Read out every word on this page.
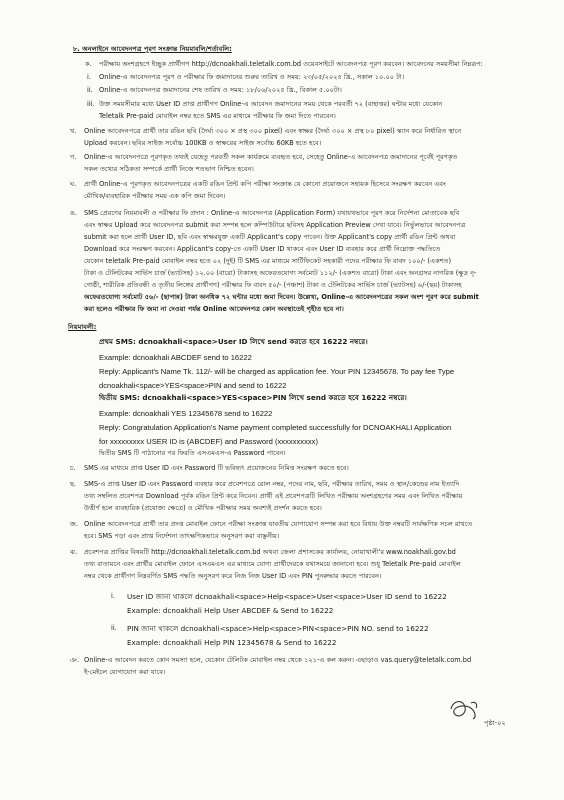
৮. অনলাইনে আবেদনপত্র পূরণ সংক্রান্ত নিয়মাবলি/শর্তাবলি:
ক. পরীক্ষায় অংশগ্রহণে ইচ্ছুক প্রার্থীগণ http://dcnoakhali.teletalk.com.bd ওয়েবসাইটে আবেদনপত্র পূরণ করবেন। আবেদনের সময়সীমা নিম্নরূপ:
i. Online-এ আবেদনপত্র পূরণ ও পরীক্ষার ফি জমাদানের শুরুর তারিখ ও সময়: ২৩/০৫/২০২৫ খ্রি., সকাল ১০.০০ টা।
ii. Online-এ আবেদনপত্র জমাদানের শেষ তারিখ ও সময়: ১৮/০৬/২০২৫ খ্রি., বিকাল ৫.০০টা।
iii. উক্ত সময়সীমার মধ্যে User ID প্রাপ্ত প্রার্থীগণ Online-এ আবেদন জমাদানের সময় থেকে পরবর্তী ৭২ (বাহাত্তর) ঘন্টার মধ্যে যেকোন
Teletalk Pre-paid মোবাইল নম্বর হতে SMS এর মাধ্যমে পরীক্ষার ফি জমা দিতে পারবেন।
খ. Online আবেদনপত্রে প্রার্থী তার রঙিন ছবি (দৈর্ঘ্য ৩০০ × প্রস্থ ৩০০ pixel) এবং স্বাক্ষর (দৈর্ঘ্য ৩০০ × প্রস্থ ৮০ pixel) স্ক্যান করে নির্ধারিত স্থানে
Upload করবেন। ছবির সাইজ সর্বোচ্চ 100KB ও স্বাক্ষরের সাইজ সর্বোচ্চ 60KB হতে হবে।
গ. Online-এ আবেদনপত্রে পূরণকৃত তথ্যই যেহেতু পরবর্তী সকল কার্যক্রমে ব্যবহৃত হবে, সেহেতু Online-এ আবেদনপত্র জমাদানের পূর্বেই পূরণকৃত
সকল তথ্যের সঠিকতা সম্পর্কে প্রার্থী নিজে শতভাগ নিশ্চিত হবেন।
ঘ. প্রার্থী Online-এ পূরণকৃত আবেদনপত্রের একটি রঙিন প্রিন্ট কপি পরীক্ষা সংক্রান্ত যে কোনো প্রয়োজনে সহায়ক হিসেবে সংরক্ষণ করবেন এবং
মৌখিক/ব্যবহারিক পরীক্ষার সময় এক কপি জমা দিবেন।
ঙ. SMS প্রেরণের নিয়মাবলী ও পরীক্ষার ফি প্রদান : Online-এ আবেদনপত্র (Application Form) যথাযথভাবে পূরণ করে নির্দেশনা মোতাবেক ছবি
এবং স্বাক্ষর Upload করে আবেদনপত্র submit করা সম্পন্ন হলে কম্পিউটারে ছবিসহ Application Preview দেখা যাবে। নির্ভুলভাবে আবেদনপত্র
submit করা হলে প্রার্থী User ID, ছবি এবং স্বাক্ষরযুক্ত একটি Applicant's copy পাবেন। উক্ত Applicant's copy প্রার্থী রঙিন প্রিন্ট অথবা
Download করে সংরক্ষণ করবেন। Applicant's copy-তে একটি User ID থাকবে এবং User ID ব্যবহার করে প্রার্থী নিম্নোক্ত পদ্ধতিতে
যেকোন teletalk Pre-paid মোবাইল নম্বর হতে ০২ (দুই) টি SMS এর মাধ্যমে সার্টিফিকেট সহকারী পদের পরীক্ষার ফি বাবদ ১০০/- (একশত)
টাকা ও টেলিটকের সার্ভিস চার্জ (ভ্যাটসহ) ১২.০০ (বারো) টাকাসহ অফেরতযোগ্য সর্বমোট ১১২/- (একশত বারো) টাকা এবং অনগ্রসর নাগরিক (ক্ষুদ্র নৃ-
গোষ্ঠী, শারীরিক প্রতিবন্ধী ও তৃতীয় লিঙ্গের প্রার্থীগণ) পরীক্ষার ফি বাবদ ৫০/- (পঞ্চাশ) টাকা ও টেলিটকের সার্ভিস চার্জ (ভ্যাটসহ) ৬/-(ছয়) টাকাসহ
অফেরতযোগ্য সর্বমোট ৫৬/- (ছাপান্ন) টাকা অনধিক ৭২ ঘন্টার মধ্যে জমা দিবেন। উল্লেখ্য, Online-এ আবেদনপত্রের সকল অংশ পূরণ করে submit
করা হলেও পরীক্ষার ফি জমা না দেওয়া পর্যন্ত Online আবেদনপত্র কোন অবস্থাতেই গৃহীত হবে না।
নিয়মাবলী:
প্রথম SMS: dcnoakhali<space>User ID লিখে send করতে হবে 16222 নম্বরে।
Example: dcnoakhali ABCDEF send to 16222
Reply: Applicant's Name Tk. 112/- will be charged as application fee. Your PIN 12345678. To pay fee Type
dcnoakhali<space>YES<space>PIN and send to 16222
দ্বিতীয় SMS: dcnoakhali<space>YES<space>PIN লিখে send করতে হবে 16222 নম্বরে।
Example: dcnoakhali YES 12345678 send to 16222
Reply: Congratulation Application's Name payment completed successfully for DCNOAKHALI Application
for xxxxxxxxx USER ID is (ABCDEF) and Password (xxxxxxxxxx)
দ্বিতীয় SMS টি পাঠানোর পর ফিরতি এসএমএস-এ Password পাবেন।
চ. SMS এর মাধ্যমে প্রাপ্ত User ID এবং Password টি ভবিষ্যৎ প্রয়োজনের নিমিত্ত সংরক্ষণ করতে হবে।
ছ. SMS-এ প্রাপ্ত User ID এবং Password ব্যবহার করে প্রবেশপত্রে রোল নম্বর, পদের নাম, ছবি, পরীক্ষার তারিখ, সময় ও স্থান/কেন্দ্রের নাম ইত্যাদি
তথ্য সম্বলিত প্রবেশপত্র Download পূর্বক রঙিন প্রিন্ট করে নিবেন। প্রার্থী এই প্রবেশপত্রটি লিখিত পরীক্ষায় অংশগ্রহণের সময় এবং লিখিত পরীক্ষায়
উত্তীর্ণ হলে ব্যবহারিক (প্রযোজ্য ক্ষেত্রে) ও মৌখিক পরীক্ষার সময় অবশ্যই প্রদর্শন করতে হবে।
জ. Online আবেদনপত্রে প্রার্থী তার প্রদত্ত মোবাইল ফোনে পরীক্ষা সংক্রান্ত যাবতীয় যোগাযোগ সম্পন্ন করা হবে বিধায় উক্ত নম্বরটি সার্বক্ষণিক সচল রাখতে
হবে। SMS পড়া এবং প্রাপ্ত নির্দেশনা তাৎক্ষণিকভাবে অনুসরণ করা বাঞ্ছনীয়।
ঝ. প্রবেশপত্র প্রাপ্তির বিষয়টি http://dcnoakhali.teletalk.com.bd অথবা জেলা প্রশাসকের কার্যালয়, নোয়াখালী'র www.noakhali.gov.bd
তথ্য বাতায়নে এবং প্রার্থীর মোবাইল ফোনে এসএমএস এর মাধ্যমে যোগ্য প্রার্থীদেরকে যথাসময়ে জানানো হবে। শুধু Teletalk Pre-paid মোবাইল
নম্বর থেকে প্রার্থীগণ নিম্নবর্ণিত SMS পদ্ধতি অনুসরণ করে নিজ নিজ User ID এবং PIN পুনরুদ্ধার করতে পারবেন।
i. User ID জানা থাকলে dcnoakhali<space>Help<space>User<space>User ID send to 16222
Example: dcnoakhali Help User ABCDEF & Send to 16222
ii. PIN জানা থাকলে dcnoakhali<space>Help<space>PIN<space>PIN NO. send to 16222
Example: dcnoakhali Help PIN 12345678 & Send to 16222
ঞ. Online-এ আবেদন করতে কোন সমস্যা হলে, যেকোন টেলিটক মোবাইল নম্বর থেকে ১২১-এ কল করুন। এছাড়াও vas.query@teletalk.com.bd
ই-মেইলে যোগাযোগ করা যাবে।
পৃষ্ঠা-০২
